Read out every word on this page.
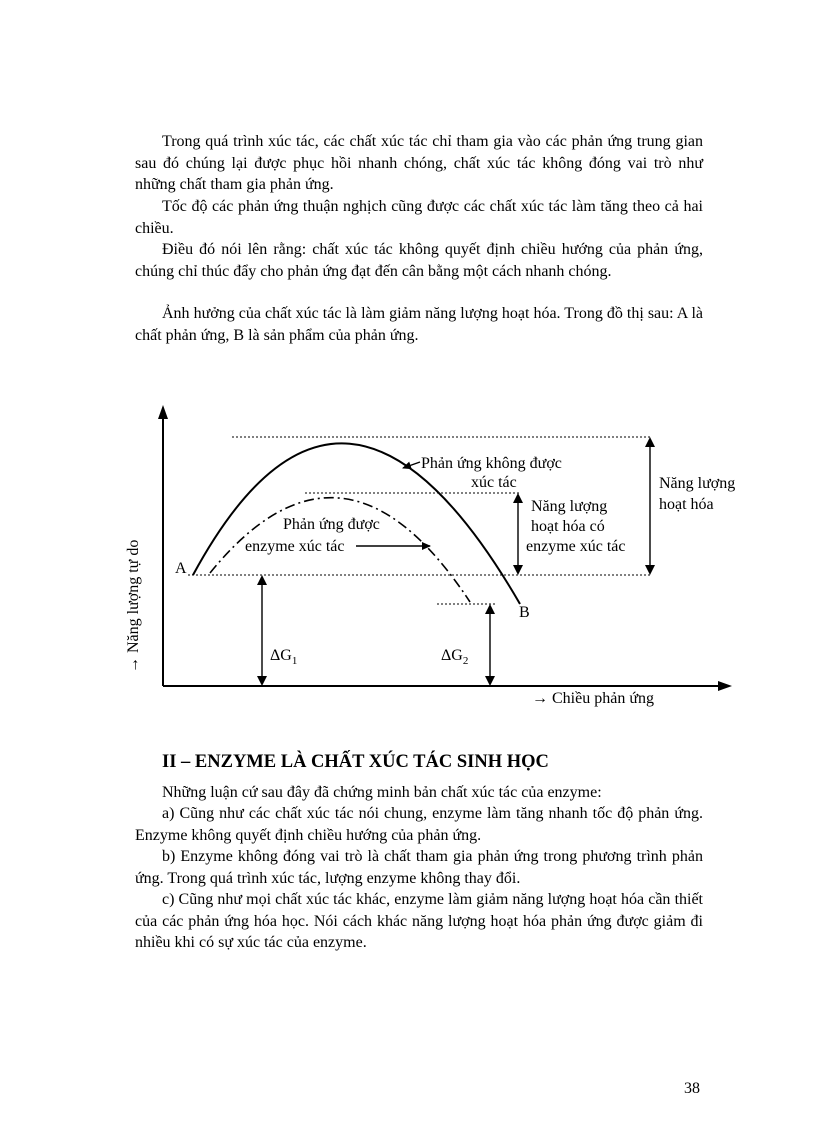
Trong quá trình xúc tác, các chất xúc tác chỉ tham gia vào các phản ứng trung gian sau đó chúng lại được phục hồi nhanh chóng, chất xúc tác không đóng vai trò như những chất tham gia phản ứng.

Tốc độ các phản ứng thuận nghịch cũng được các chất xúc tác làm tăng theo cả hai chiều.

Điều đó nói lên rằng: chất xúc tác không quyết định chiều hướng của phản ứng, chúng chỉ thúc đẩy cho phản ứng đạt đến cân bằng một cách nhanh chóng.

Ảnh hưởng của chất xúc tác là làm giảm năng lượng hoạt hóa. Trong đồ thị sau: A là chất phản ứng, B là sản phẩm của phản ứng.

A
B
Phản ứng không được
xúc tác
Phản ứng được
enzyme xúc tác
Năng lượng
hoạt hóa có
enzyme xúc tác
Năng lượng
hoạt hóa
$\Delta G_1$	$\Delta G_2$
→ Chiều phản ứng
→ Năng lượng tự do
II – ENZYME LÀ CHẤT XÚC TÁC SINH HỌC

Những luận cứ sau đây đã chứng minh bản chất xúc tác của enzyme:

a) Cũng như các chất xúc tác nói chung, enzyme làm tăng nhanh tốc độ phản ứng. Enzyme không quyết định chiều hướng của phản ứng.

b) Enzyme không đóng vai trò là chất tham gia phản ứng trong phương trình phản ứng. Trong quá trình xúc tác, lượng enzyme không thay đổi.

c) Cũng như mọi chất xúc tác khác, enzyme làm giảm năng lượng hoạt hóa cần thiết của các phản ứng hóa học. Nói cách khác năng lượng hoạt hóa phản ứng được giảm đi nhiều khi có sự xúc tác của enzyme.

38
